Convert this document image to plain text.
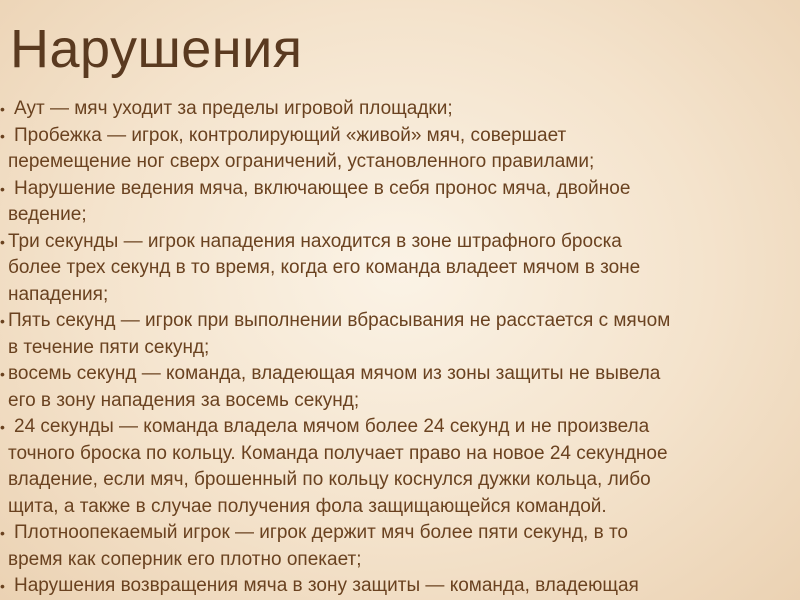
Нарушения
• Аут — мяч уходит за пределы игровой площадки;
• Пробежка — игрок, контролирующий «живой» мяч, совершает
перемещение ног сверх ограничений, установленного правилами;
• Нарушение ведения мяча, включающее в себя пронос мяча, двойное
ведение;
• Три секунды — игрок нападения находится в зоне штрафного броска
более трех секунд в то время, когда его команда владеет мячом в зоне
нападения;
• Пять секунд — игрок при выполнении вбрасывания не расстается с мячом
в течение пяти секунд;
• восемь секунд — команда, владеющая мячом из зоны защиты не вывела
его в зону нападения за восемь секунд;
• 24 секунды — команда владела мячом более 24 секунд и не произвела
точного броска по кольцу. Команда получает право на новое 24 секундное
владение, если мяч, брошенный по кольцу коснулся дужки кольца, либо
щита, а также в случае получения фола защищающейся командой.
• Плотноопекаемый игрок — игрок держит мяч более пяти секунд, в то
время как соперник его плотно опекает;
• Нарушения возвращения мяча в зону защиты — команда, владеющая
